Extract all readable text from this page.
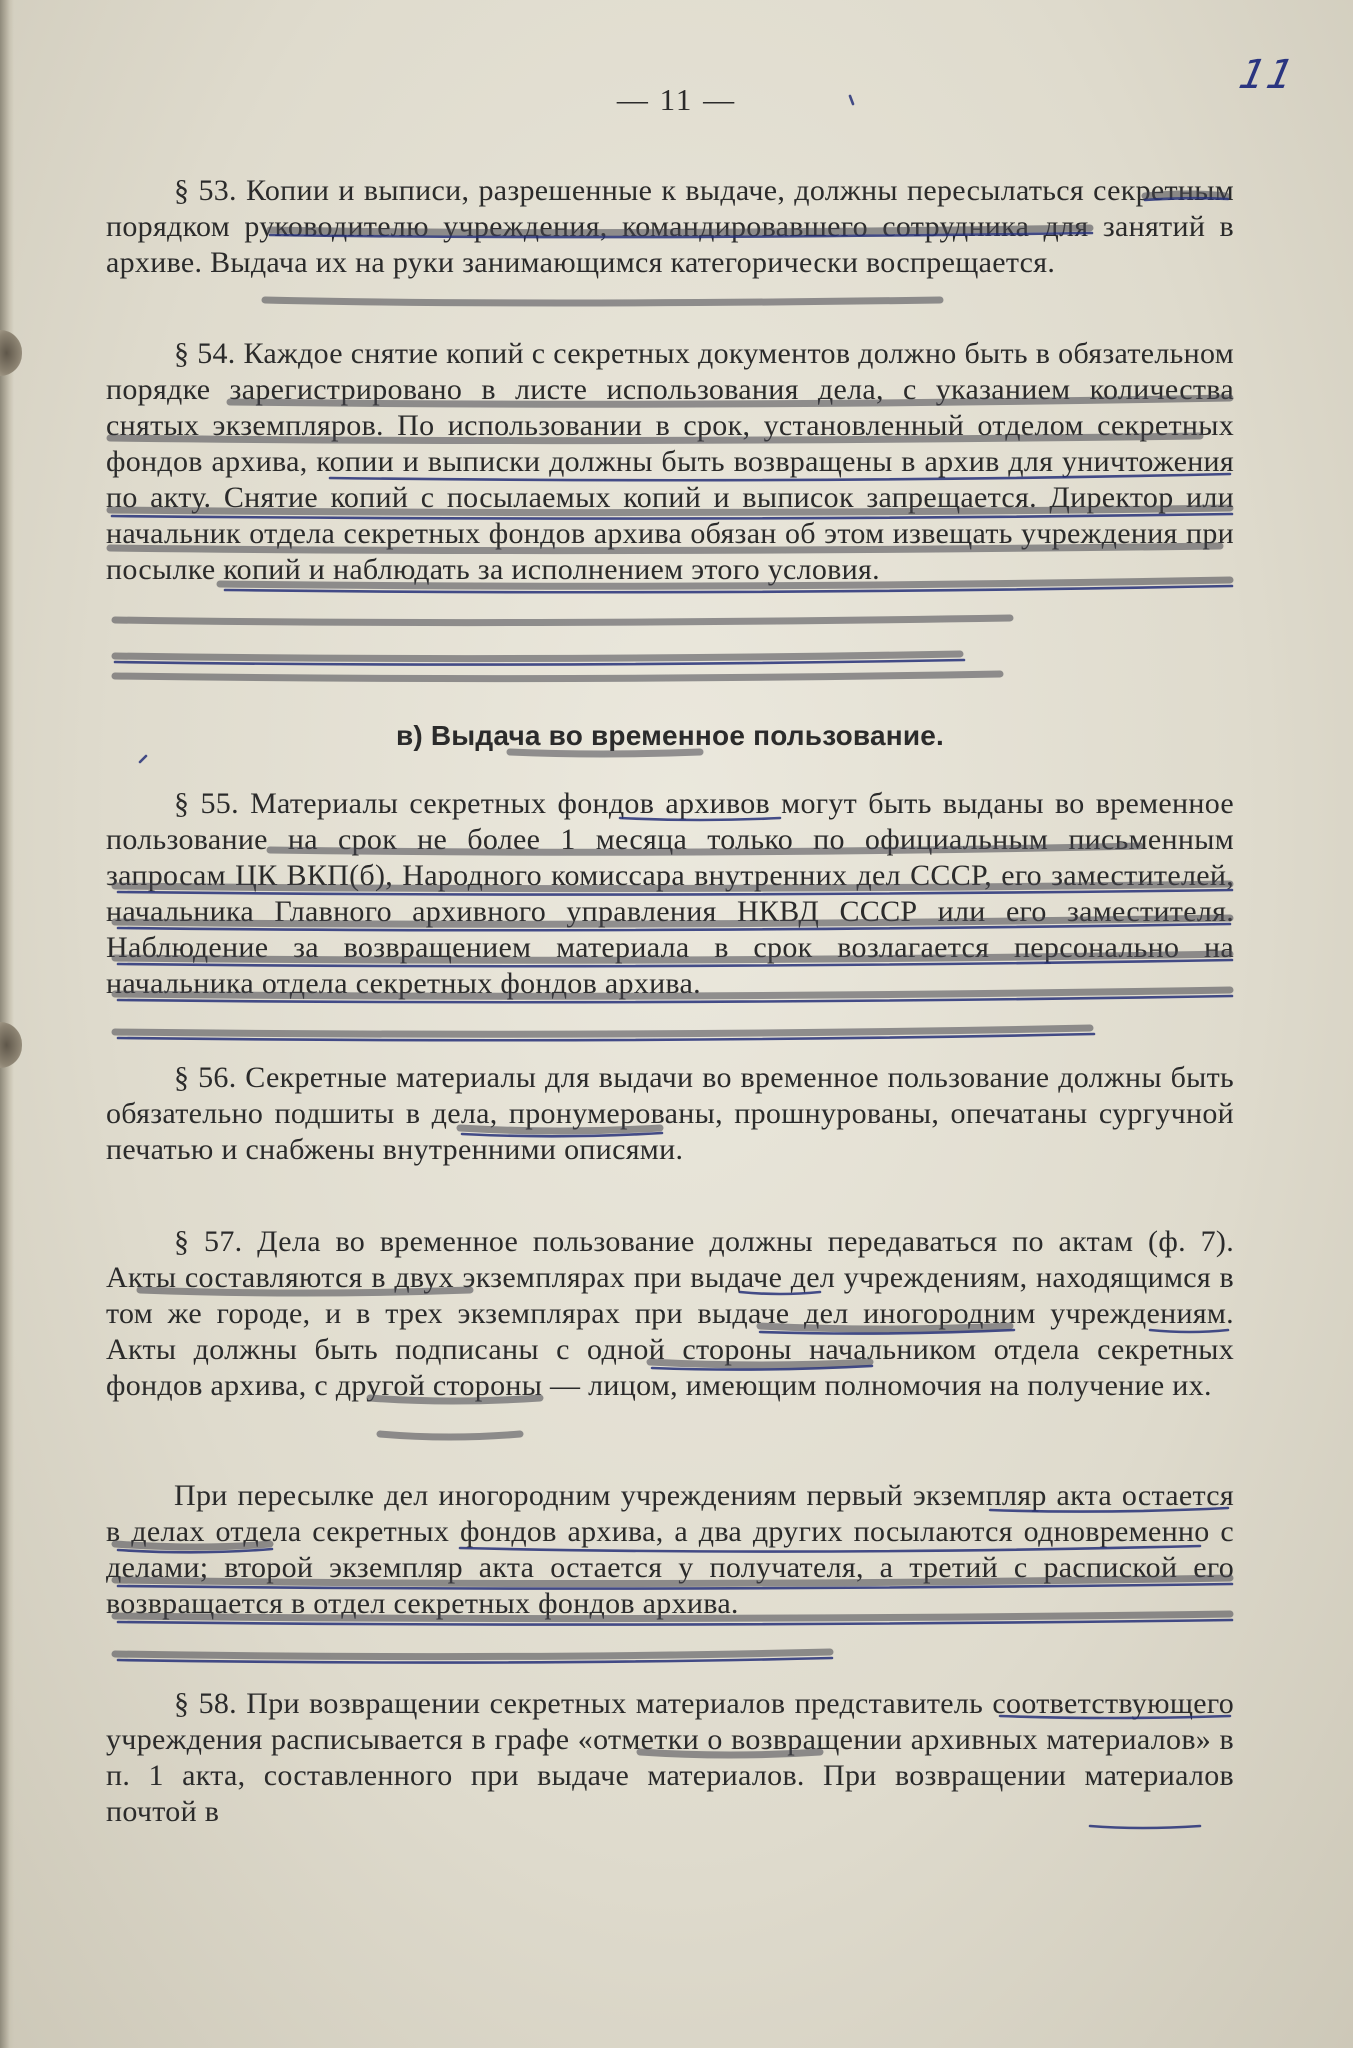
11
— 11 —

§ 53. Копии и выписи, разрешенные к выдаче, должны пересылаться секретным порядком руководителю учреждения, командировавшего сотрудника для занятий в архиве. Выдача их на руки занимающимся категорически воспрещается.

§ 54. Каждое снятие копий с секретных документов должно быть в обязательном порядке зарегистрировано в листе использования дела, с указанием количества снятых экземпляров. По использовании в срок, установленный отделом секретных фондов архива, копии и выписки должны быть возвращены в архив для уничтожения по акту. Снятие копий с посылаемых копий и выписок запрещается. Директор или начальник отдела секретных фондов архива обязан об этом извещать учреждения при посылке копий и наблюдать за исполнением этого условия.

в) Выдача во временное пользование.

§ 55. Материалы секретных фондов архивов могут быть выданы во временное пользование на срок не более 1 месяца только по официальным письменным запросам ЦК ВКП(б), Народного комиссара внутренних дел СССР, его заместителей, начальника Главного архивного управления НКВД СССР или его заместителя. Наблюдение за возвращением материала в срок возлагается персонально на начальника отдела секретных фондов архива.

§ 56. Секретные материалы для выдачи во временное пользование должны быть обязательно подшиты в дела, пронумерованы, прошнурованы, опечатаны сургучной печатью и снабжены внутренними описями.

§ 57. Дела во временное пользование должны передаваться по актам (ф. 7). Акты составляются в двух экземплярах при выдаче дел учреждениям, находящимся в том же городе, и в трех экземплярах при выдаче дел иногородним учреждениям. Акты должны быть подписаны с одной стороны начальником отдела секретных фондов архива, с другой стороны — лицом, имеющим полномочия на получение их.

При пересылке дел иногородним учреждениям первый экземпляр акта остается в делах отдела секретных фондов архива, а два других посылаются одновременно с делами; второй экземпляр акта остается у получателя, а третий с распиской его возвращается в отдел секретных фондов архива.

§ 58. При возвращении секретных материалов представитель соответствующего учреждения расписывается в графе «отметки о возвращении архивных материалов» в п. 1 акта, составленного при выдаче материалов. При возвращении материалов почтой в
